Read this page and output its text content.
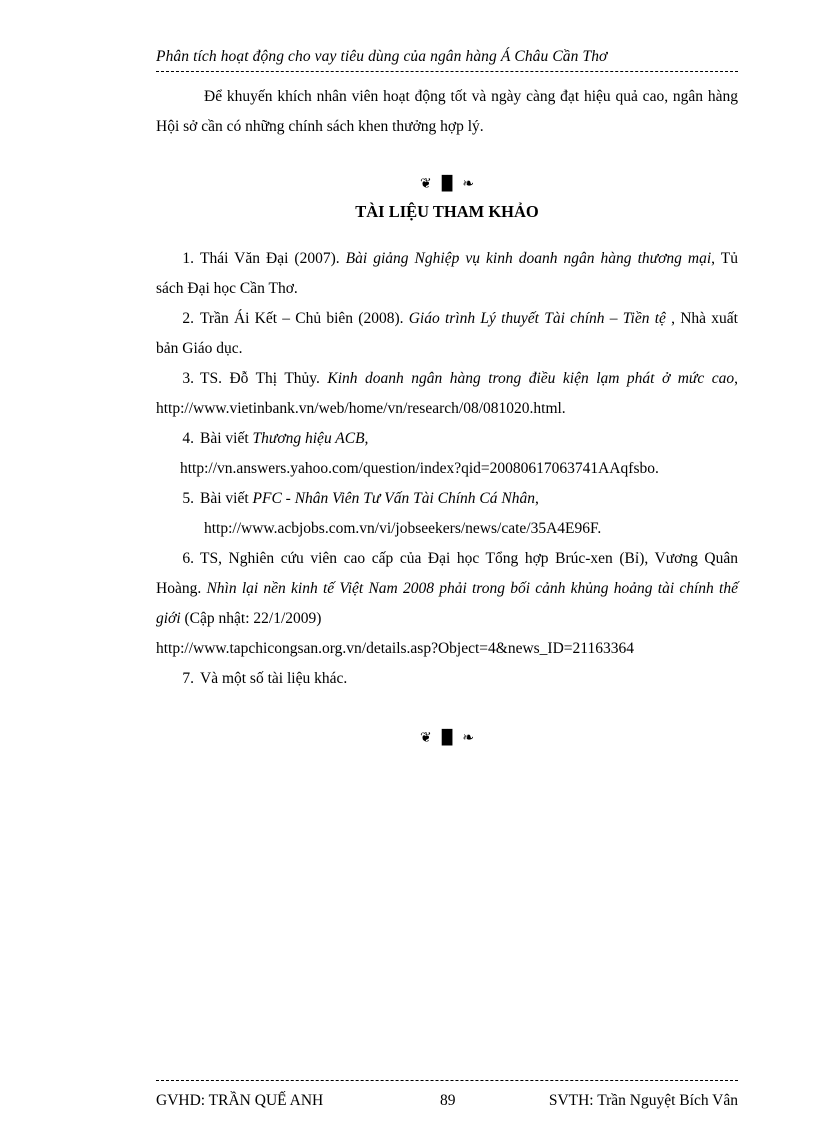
Phân tích hoạt động cho vay tiêu dùng của ngân hàng Á Châu Cần Thơ
Để khuyến khích nhân viên hoạt động tốt và ngày càng đạt hiệu quả cao, ngân hàng Hội sở cần có những chính sách khen thưởng hợp lý.
❦ ▐▌ ❧
TÀI LIỆU THAM KHẢO
1. Thái Văn Đại (2007). Bài giảng Nghiệp vụ kinh doanh ngân hàng thương mại, Tủ sách Đại học Cần Thơ.
2. Trần Ái Kết – Chủ biên (2008). Giáo trình Lý thuyết Tài chính – Tiền tệ , Nhà xuất bản Giáo dục.
3. TS. Đỗ Thị Thủy. Kinh doanh ngân hàng trong điều kiện lạm phát ở mức cao, http://www.vietinbank.vn/web/home/vn/research/08/081020.html.
4. Bài viết Thương hiệu ACB,
http://vn.answers.yahoo.com/question/index?qid=20080617063741AAqfsbo.
5. Bài viết PFC - Nhân Viên Tư Vấn Tài Chính Cá Nhân,
http://www.acbjobs.com.vn/vi/jobseekers/news/cate/35A4E96F.
6. TS, Nghiên cứu viên cao cấp của Đại học Tổng hợp Brúc-xen (Bỉ), Vương Quân Hoàng. Nhìn lại nền kinh tế Việt Nam 2008 phải trong bối cảnh khủng hoảng tài chính thế giới (Cập nhật: 22/1/2009)
http://www.tapchicongsan.org.vn/details.asp?Object=4&news_ID=21163364
7. Và một số tài liệu khác.
❦ ▐▌ ❧
GVHD: TRẦN QUẾ ANH	89	SVTH: Trần Nguyệt Bích Vân
